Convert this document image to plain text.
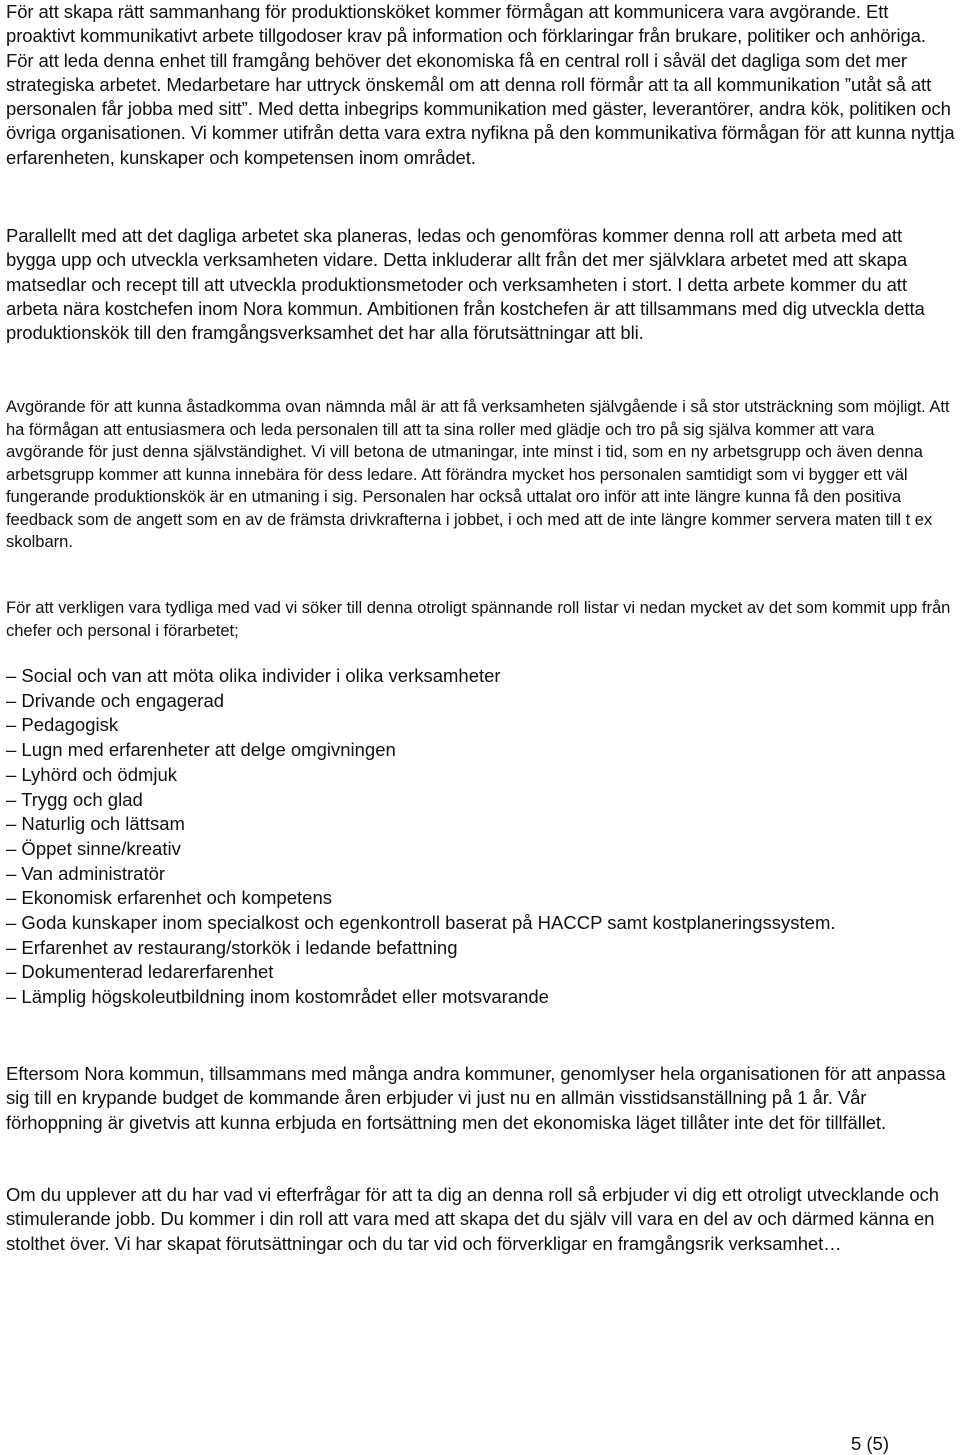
För att skapa rätt sammanhang för produktionsköket kommer förmågan att kommunicera vara avgörande. Ett proaktivt kommunikativt arbete tillgodoser krav på information och förklaringar från brukare, politiker och anhöriga. För att leda denna enhet till framgång behöver det ekonomiska få en central roll i såväl det dagliga som det mer strategiska arbetet. Medarbetare har uttryck önskemål om att denna roll förmår att ta all kommunikation ”utåt så att personalen får jobba med sitt”. Med detta inbegrips kommunikation med gäster, leverantörer, andra kök, politiken och övriga organisationen. Vi kommer utifrån detta vara extra nyfikna på den kommunikativa förmågan för att kunna nyttja erfarenheten, kunskaper och kompetensen inom området.

Parallellt med att det dagliga arbetet ska planeras, ledas och genomföras kommer denna roll att arbeta med att bygga upp och utveckla verksamheten vidare. Detta inkluderar allt från det mer självklara arbetet med att skapa matsedlar och recept till att utveckla produktionsmetoder och verksamheten i stort. I detta arbete kommer du att arbeta nära kostchefen inom Nora kommun. Ambitionen från kostchefen är att tillsammans med dig utveckla detta produktionskök till den framgångsverksamhet det har alla förutsättningar att bli.

Avgörande för att kunna åstadkomma ovan nämnda mål är att få verksamheten självgående i så stor utsträckning som möjligt. Att ha förmågan att entusiasmera och leda personalen till att ta sina roller med glädje och tro på sig själva kommer att vara avgörande för just denna självständighet. Vi vill betona de utmaningar, inte minst i tid, som en ny arbetsgrupp och även denna arbetsgrupp kommer att kunna innebära för dess ledare. Att förändra mycket hos personalen samtidigt som vi bygger ett väl fungerande produktionskök är en utmaning i sig. Personalen har också uttalat oro inför att inte längre kunna få den positiva feedback som de angett som en av de främsta drivkrafterna i jobbet, i och med att de inte längre kommer servera maten till t ex skolbarn.

För att verkligen vara tydliga med vad vi söker till denna otroligt spännande roll listar vi nedan mycket av det som kommit upp från chefer och personal i förarbetet;

– Social och van att möta olika individer i olika verksamheter
– Drivande och engagerad
– Pedagogisk
– Lugn med erfarenheter att delge omgivningen
– Lyhörd och ödmjuk
– Trygg och glad
– Naturlig och lättsam
– Öppet sinne/kreativ
– Van administratör
– Ekonomisk erfarenhet och kompetens
– Goda kunskaper inom specialkost och egenkontroll baserat på HACCP samt kostplaneringssystem.
– Erfarenhet av restaurang/storkök i ledande befattning
– Dokumenterad ledarerfarenhet
– Lämplig högskoleutbildning inom kostområdet eller motsvarande

Eftersom Nora kommun, tillsammans med många andra kommuner, genomlyser hela organisationen för att anpassa sig till en krypande budget de kommande åren erbjuder vi just nu en allmän visstidsanställning på 1 år. Vår förhoppning är givetvis att kunna erbjuda en fortsättning men det ekonomiska läget tillåter inte det för tillfället.

Om du upplever att du har vad vi efterfrågar för att ta dig an denna roll så erbjuder vi dig ett otroligt utvecklande och stimulerande jobb. Du kommer i din roll att vara med att skapa det du själv vill vara en del av och därmed känna en stolthet över. Vi har skapat förutsättningar och du tar vid och förverkligar en framgångsrik verksamhet…

5 (5)
